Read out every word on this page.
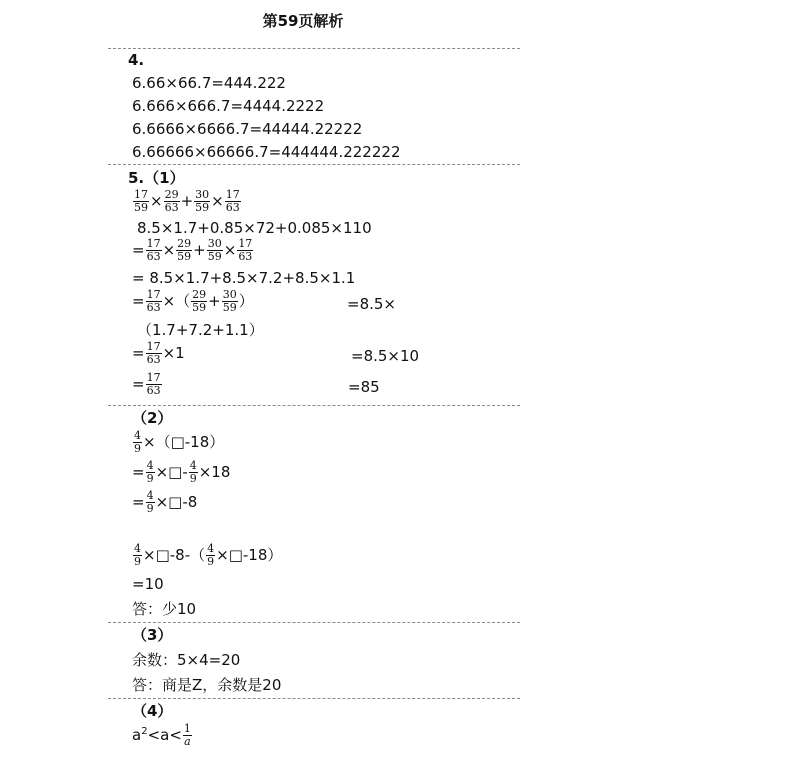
第59页解析
4.
6.66×66.7=444.222
6.666×666.7=4444.2222
6.6666×6666.7=44444.22222
6.66666×66666.7=444444.222222
5.（1）
$\frac{17}{59} \times \frac{29}{63} + \frac{30}{59} \times \frac{17}{63}$
8.5×1.7+0.85×72+0.085×110
= $\frac{17}{63} \times \frac{29}{59} + \frac{30}{59} \times \frac{17}{63}$
= 8.5×1.7+8.5×7.2+8.5×1.1
= $\frac{17}{63}$ ×（ $\frac{29}{59} + \frac{30}{59}$ ）	=8.5×
（1.7+7.2+1.1）
= $\frac{17}{63} \times 1$	=8.5×10
= $\frac{17}{63}$	=85
（2）
$\frac{4}{9}$ ×（□-18）
= $\frac{4}{9}$ ×□- $\frac{4}{9} \times 18$
= $\frac{4}{9}$ ×□-8
$\frac{4}{9}$ ×□-8-（ $\frac{4}{9}$ ×□-18）
=10
答：少10
（3）
余数：5×4=20
答：商是Z，余数是20
（4）
$a^2<a< \frac{1}{a}$
